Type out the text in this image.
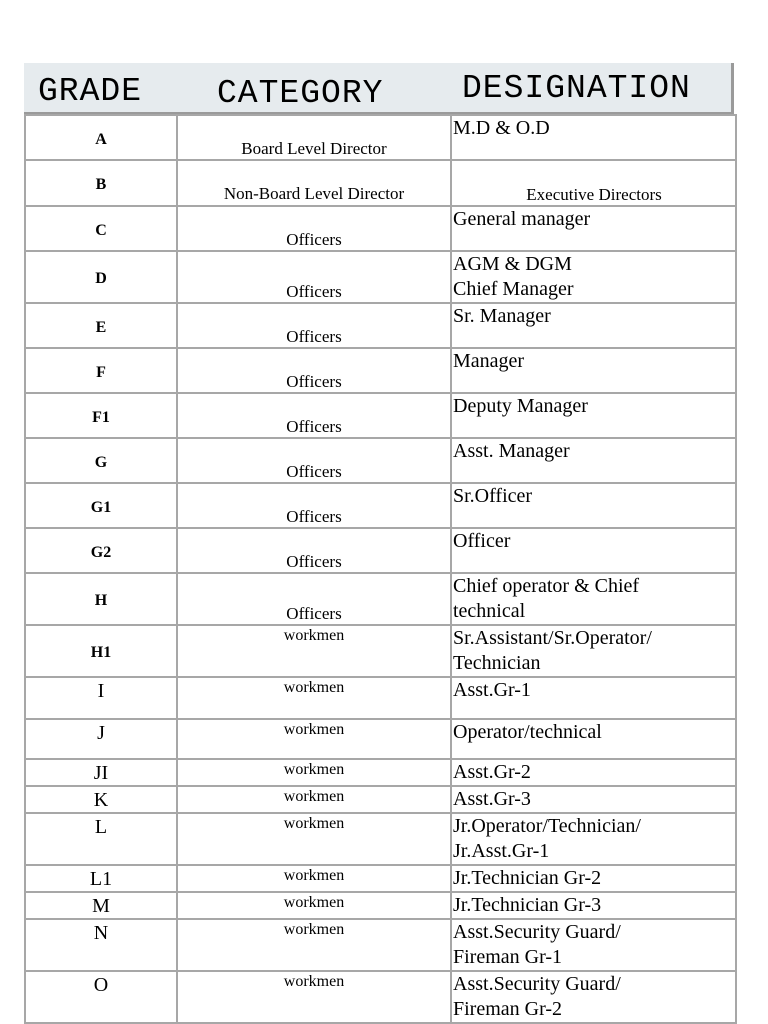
GRADE CATEGORY DESIGNATION
A	Board Level Director	M.D & O.D

B	Non-Board Level Director	Executive Directors

C	Officers	General manager

D	Officers	AGM & DGM
Chief Manager

E	Officers	Sr. Manager

F	Officers	Manager

F1	Officers	Deputy Manager

G	Officers	Asst. Manager

G1	Officers	Sr.Officer

G2	Officers	Officer

H	Officers	Chief operator & Chief
technical

H1	workmen	Sr.Assistant/Sr.Operator/
Technician

I	workmen	Asst.Gr-1

J	workmen	Operator/technical

JI	workmen	Asst.Gr-2

K	workmen	Asst.Gr-3

L	workmen	Jr.Operator/Technician/
Jr.Asst.Gr-1

L1	workmen	Jr.Technician Gr-2

M	workmen	Jr.Technician Gr-3

N	workmen	Asst.Security Guard/
Fireman Gr-1

O	workmen	Asst.Security Guard/
Fireman Gr-2
